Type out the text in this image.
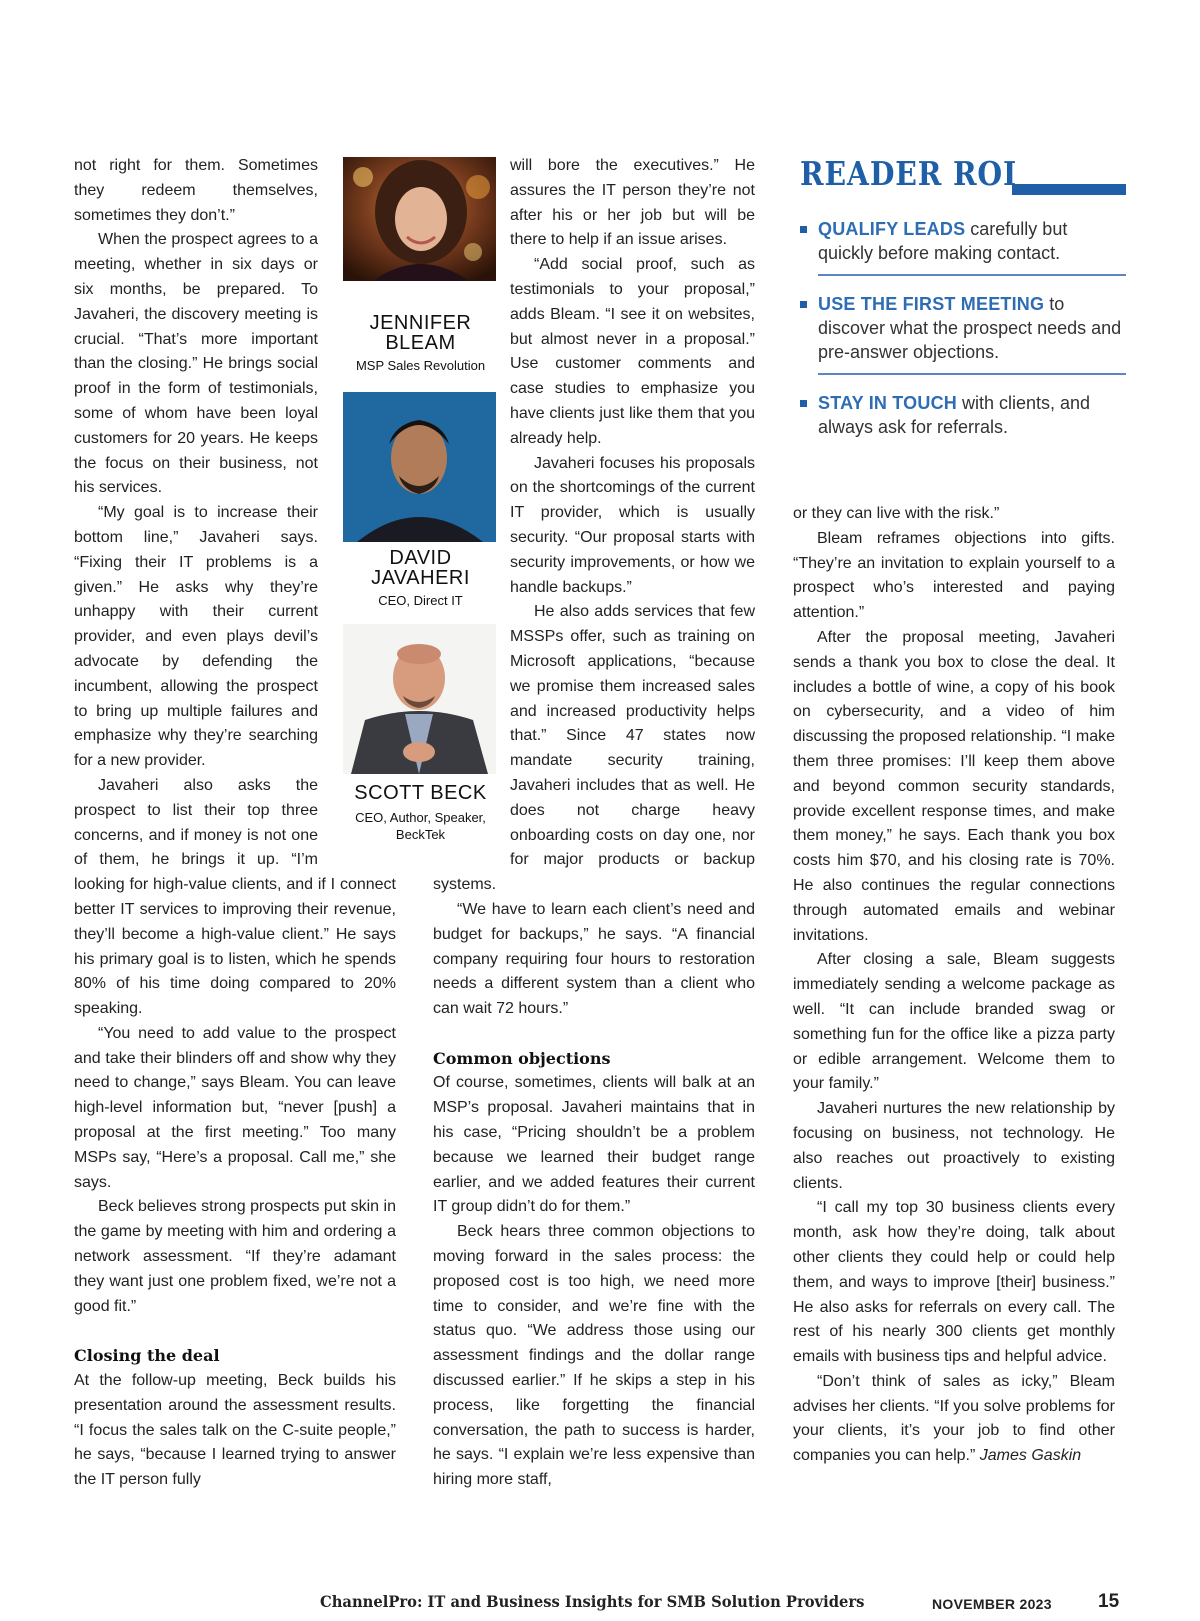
not right for them. Sometimes they redeem themselves, sometimes they don’t.”

When the prospect agrees to a meeting, whether in six days or six months, be prepared. To Javaheri, the discovery meeting is crucial. “That’s more important than the closing.” He brings social proof in the form of testimonials, some of whom have been loyal customers for 20 years. He keeps the focus on their business, not his services.

“My goal is to increase their bottom line,” Javaheri says. “Fixing their IT problems is a given.” He asks why they’re unhappy with their current provider, and even plays devil’s advocate by defending the incumbent, allowing the prospect to bring up multiple failures and emphasize why they’re searching for a new provider.

Javaheri also asks the prospect to list their top three concerns, and if money is not one of them, he brings it up. “I’m looking for high-value clients, and if I connect better IT services to improving their revenue, they’ll become a high-value client.” He says his primary goal is to listen, which he spends 80% of his time doing compared to 20% speaking.

“You need to add value to the prospect and take their blinders off and show why they need to change,” says Bleam. You can leave high-level information but, “never [push] a proposal at the first meeting.” Too many MSPs say, “Here’s a proposal. Call me,” she says.

Beck believes strong prospects put skin in the game by meeting with him and ordering a network assessment. “If they’re adamant they want just one problem fixed, we’re not a good fit.”

Closing the deal

At the follow-up meeting, Beck builds his presentation around the assessment results. “I focus the sales talk on the C-suite people,” he says, “because I learned trying to answer the IT person fully

will bore the executives.” He assures the IT person they’re not after his or her job but will be there to help if an issue arises.

“Add social proof, such as testimonials to your proposal,” adds Bleam. “I see it on websites, but almost never in a proposal.” Use customer comments and case studies to emphasize you have clients just like them that you already help.

Javaheri focuses his proposals on the shortcomings of the current IT provider, which is usually security. “Our proposal starts with security improvements, or how we handle backups.”

He also adds services that few MSSPs offer, such as training on Microsoft applications, “because we promise them increased sales and increased productivity helps that.” Since 47 states now mandate security training, Javaheri includes that as well. He does not charge heavy onboarding costs on day one, nor for major products or backup systems.

“We have to learn each client’s need and budget for backups,” he says. “A financial company requiring four hours to restoration needs a different system than a client who can wait 72 hours.”

Common objections

Of course, sometimes, clients will balk at an MSP’s proposal. Javaheri maintains that in his case, “Pricing shouldn’t be a problem because we learned their budget range earlier, and we added features their current IT group didn’t do for them.”

Beck hears three common objections to moving forward in the sales process: the proposed cost is too high, we need more time to consider, and we’re fine with the status quo. “We address those using our assessment findings and the dollar range discussed earlier.” If he skips a step in his process, like forgetting the financial conversation, the path to success is harder, he says. “I explain we’re less expensive than hiring more staff,

or they can live with the risk.”

Bleam reframes objections into gifts. “They’re an invitation to explain yourself to a prospect who’s interested and paying attention.”

After the proposal meeting, Javaheri sends a thank you box to close the deal. It includes a bottle of wine, a copy of his book on cybersecurity, and a video of him discussing the proposed relationship. “I make them three promises: I’ll keep them above and beyond common security standards, provide excellent response times, and make them money,” he says. Each thank you box costs him $70, and his closing rate is 70%. He also continues the regular connections through automated emails and webinar invitations.

After closing a sale, Bleam suggests immediately sending a welcome package as well. “It can include branded swag or something fun for the office like a pizza party or edible arrangement. Welcome them to your family.”

Javaheri nurtures the new relationship by focusing on business, not technology. He also reaches out proactively to existing clients.

“I call my top 30 business clients every month, ask how they’re doing, talk about other clients they could help or could help them, and ways to improve [their] business.” He also asks for referrals on every call. The rest of his nearly 300 clients get monthly emails with business tips and helpful advice.

“Don’t think of sales as icky,” Bleam advises her clients. “If you solve problems for your clients, it’s your job to find other companies you can help.” James Gaskin

JENNIFER
BLEAM
MSP Sales Revolution
DAVID
JAVAHERI
CEO, Direct IT
SCOTT BECK
CEO, Author, Speaker,
BeckTek
READER ROI
QUALIFY LEADS carefully but quickly before making contact.
USE THE FIRST MEETING to discover what the prospect needs and pre-answer objections.
STAY IN TOUCH with clients, and always ask for referrals.
ChannelPro: IT and Business Insights for SMB Solution Providers	NOVEMBER 2023 15
